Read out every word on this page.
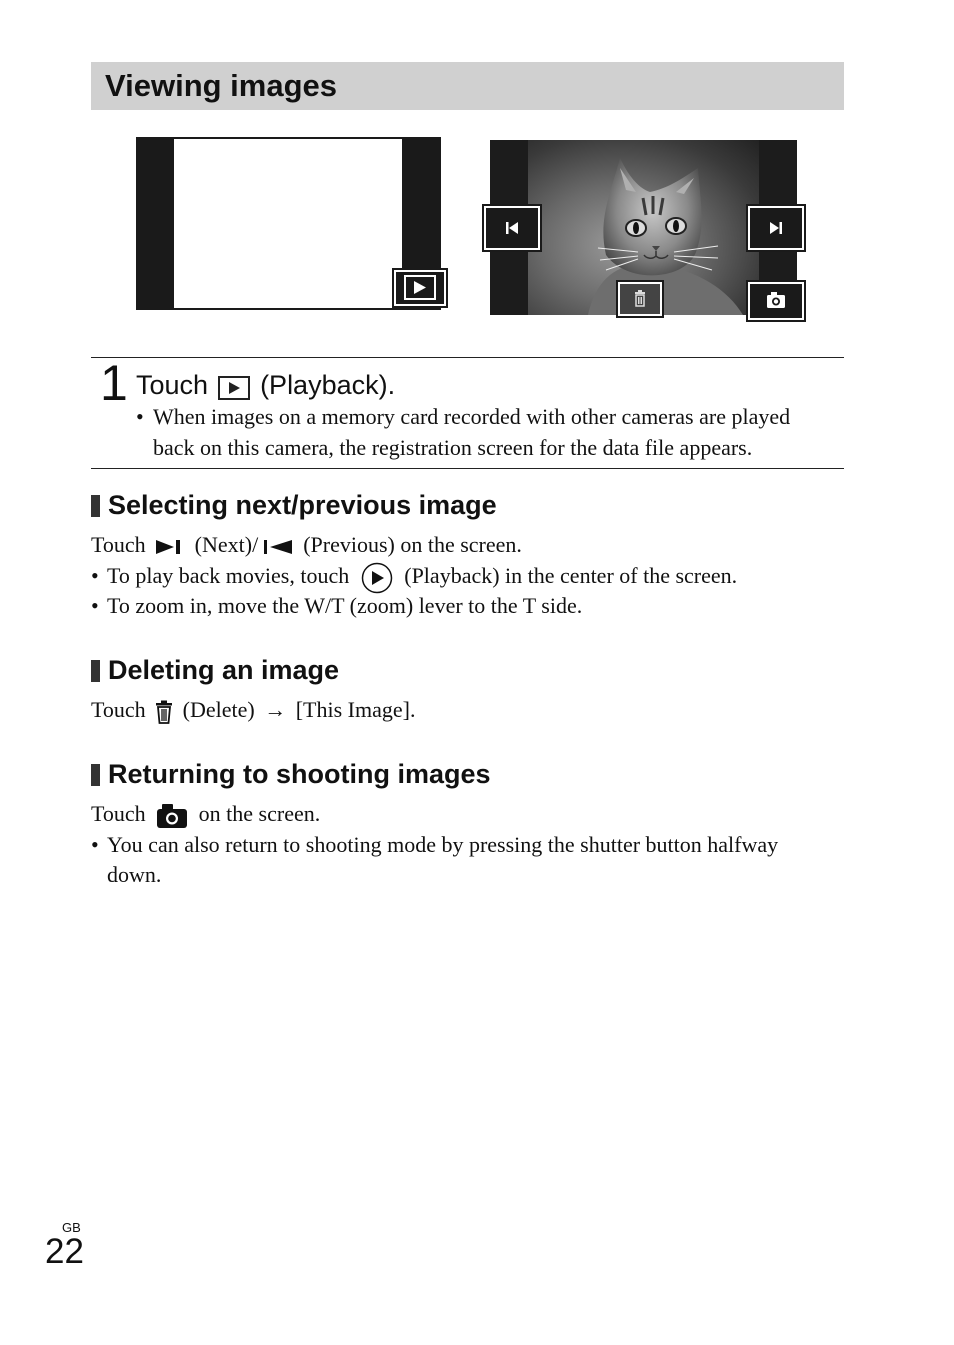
Viewing images
1 Touch (Playback).
• When images on a memory card recorded with other cameras are played
back on this camera, the registration screen for the data file appears.
Selecting next/previous image
Touch (Next)/ (Previous) on the screen.
• To play back movies, touch	(Playback) in the center of the screen.
• To zoom in, move the W/T (zoom) lever to the T side.
Deleting an image
Touch (Delete) → [This Image].
Returning to shooting images
Touch on the screen.
• You can also return to shooting mode by pressing the shutter button halfway
down.
GB
22
